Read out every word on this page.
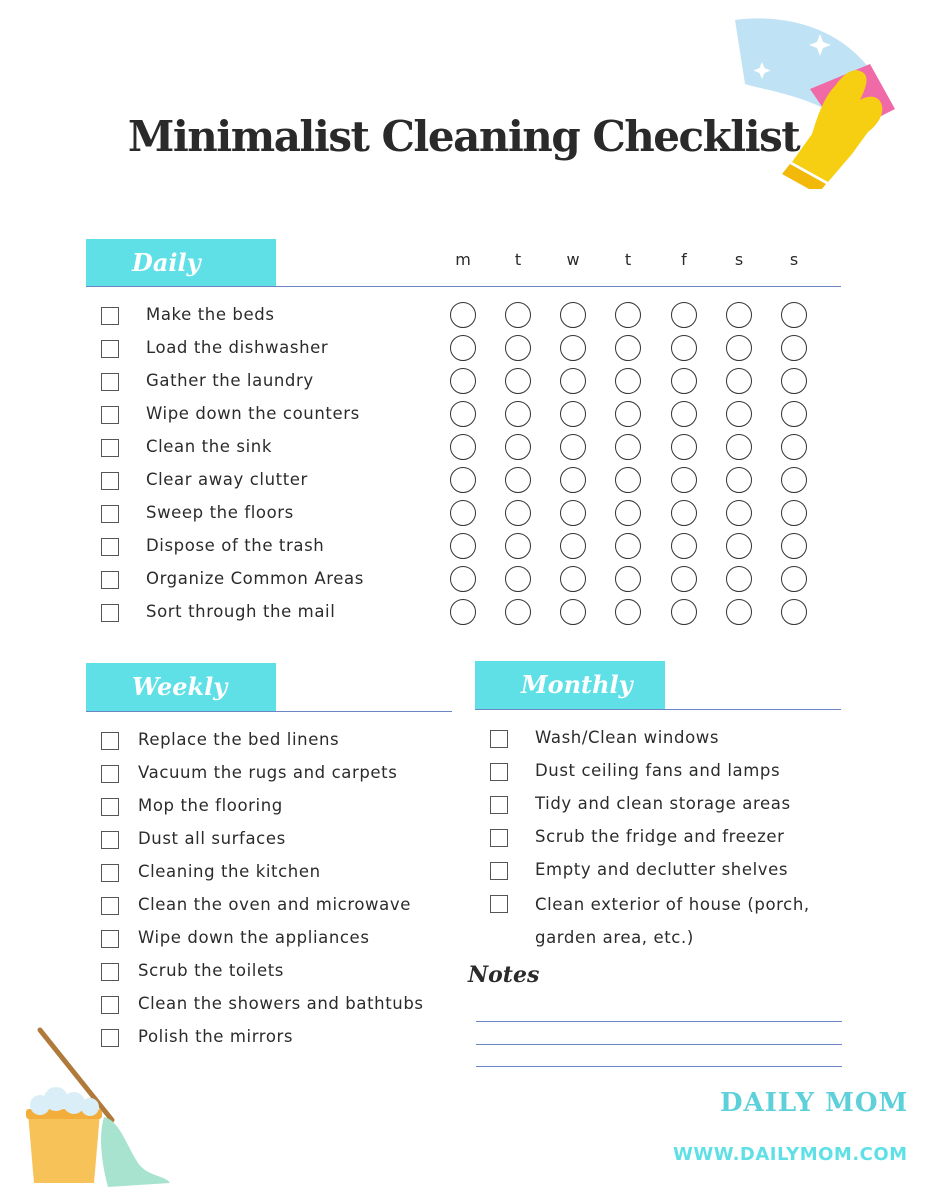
Minimalist Cleaning Checklist
Daily	m	t	w	t	f	s	s
Make the beds
Load the dishwasher
Gather the laundry
Wipe down the counters
Clean the sink
Clear away clutter
Sweep the floors
Dispose of the trash
Organize Common Areas
Sort through the mail
Weekly
Replace the bed linens
Vacuum the rugs and carpets
Mop the flooring
Dust all surfaces
Cleaning the kitchen
Clean the oven and microwave
Wipe down the appliances
Scrub the toilets
Clean the showers and bathtubs
Polish the mirrors
Monthly
Wash/Clean windows
Dust ceiling fans and lamps
Tidy and clean storage areas
Scrub the fridge and freezer
Empty and declutter shelves
Clean exterior of house (porch, garden area, etc.)
Notes
DAILY MOM
WWW.DAILYMOM.COM
